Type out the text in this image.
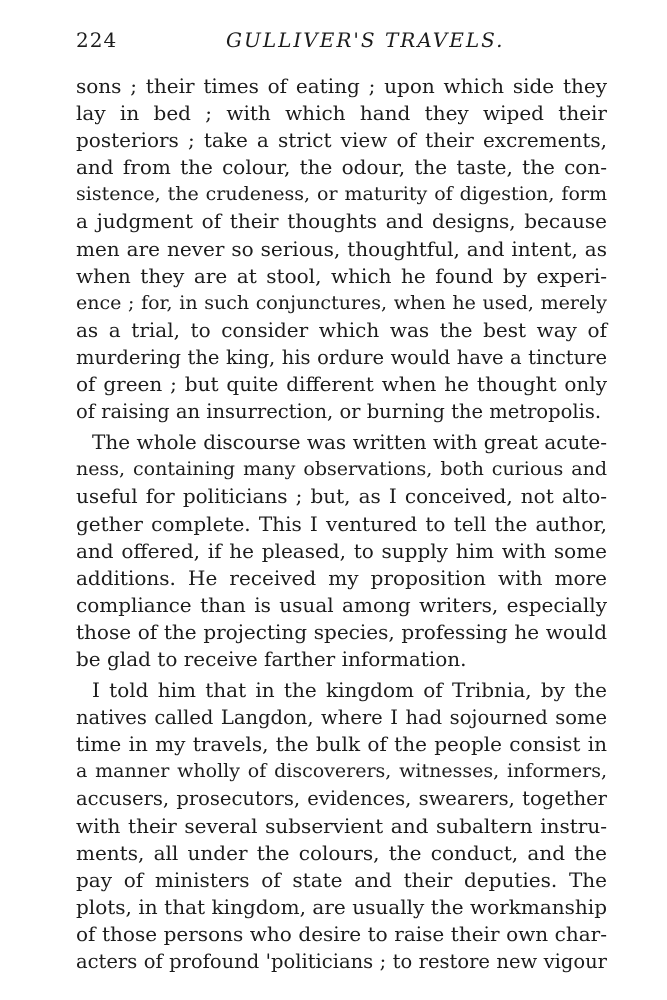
224	GULLIVER'S TRAVELS.
sons ; their times of eating ; upon which side they
lay in bed ; with which hand they wiped their
posteriors ; take a strict view of their excrements,
and from the colour, the odour, the taste, the con-
sistence, the crudeness, or maturity of digestion, form
a judgment of their thoughts and designs, because
men are never so serious, thoughtful, and intent, as
when they are at stool, which he found by experi-
ence ; for, in such conjunctures, when he used, merely
as a trial, to consider which was the best way of
murdering the king, his ordure would have a tincture
of green ; but quite different when he thought only
of raising an insurrection, or burning the metropolis.
The whole discourse was written with great acute-
ness, containing many observations, both curious and
useful for politicians ; but, as I conceived, not alto-
gether complete. This I ventured to tell the author,
and offered, if he pleased, to supply him with some
additions. He received my proposition with more
compliance than is usual among writers, especially
those of the projecting species, professing he would
be glad to receive farther information.
I told him that in the kingdom of Tribnia, by the
natives called Langdon, where I had sojourned some
time in my travels, the bulk of the people consist in
a manner wholly of discoverers, witnesses, informers,
accusers, prosecutors, evidences, swearers, together
with their several subservient and subaltern instru-
ments, all under the colours, the conduct, and the
pay of ministers of state and their deputies. The
plots, in that kingdom, are usually the workmanship
of those persons who desire to raise their own char-
acters of profound 'politicians ; to restore new vigour
